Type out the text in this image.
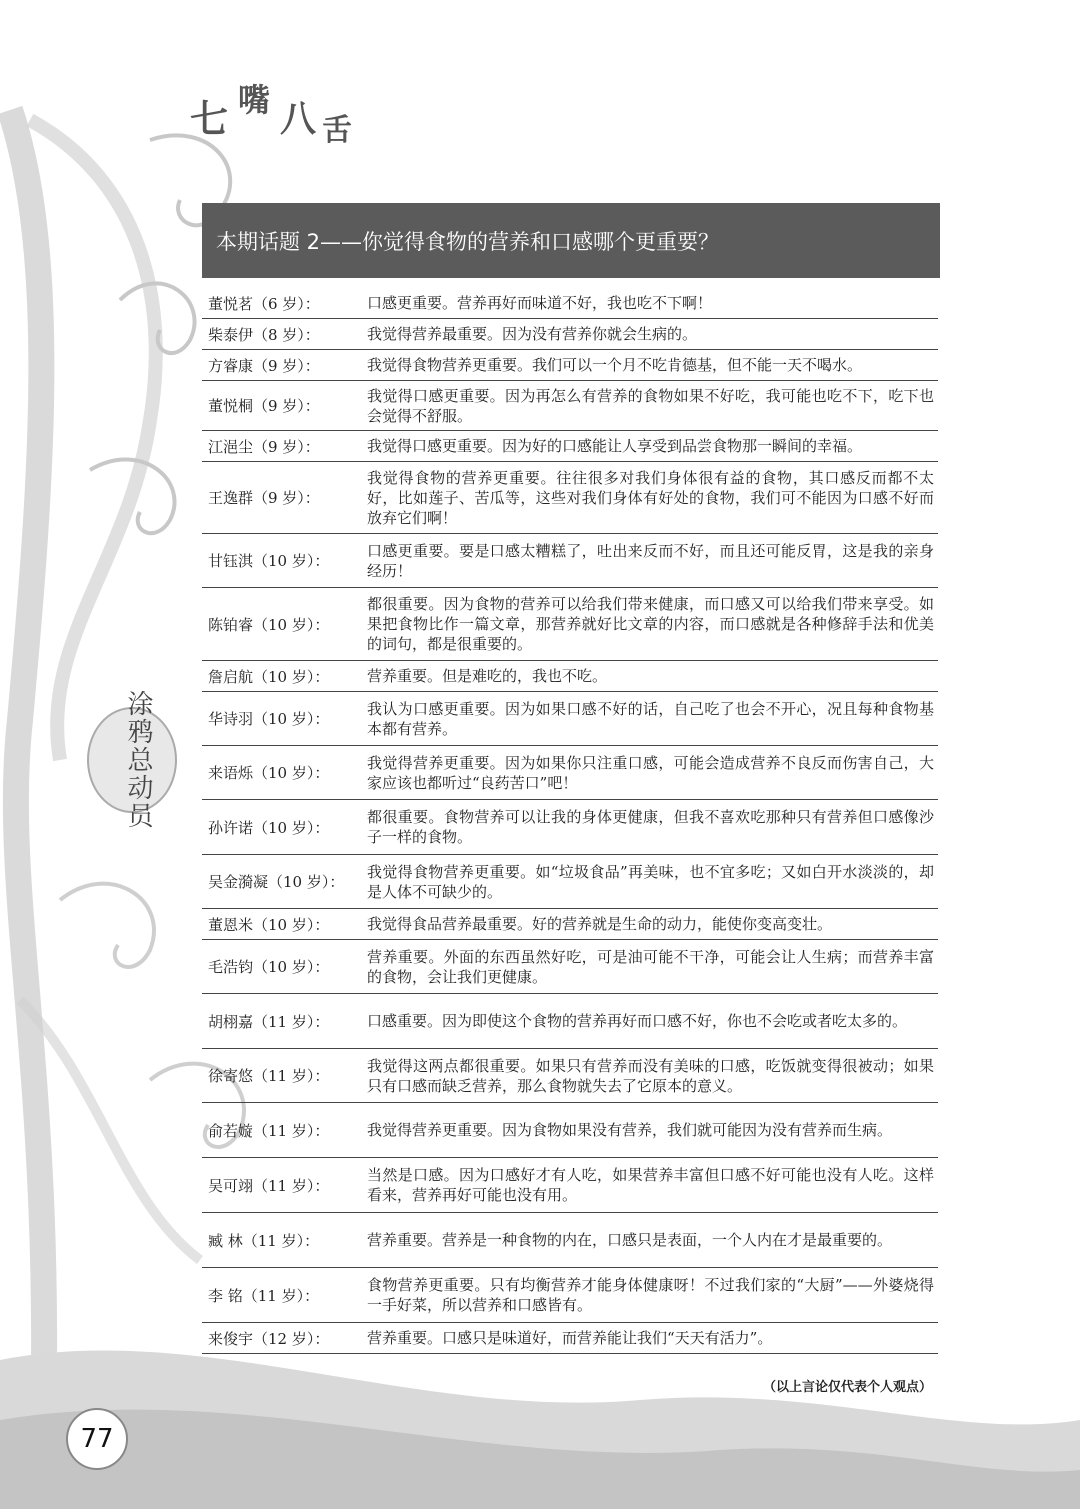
七 嘴 八 舌
本期话题 2——你觉得食物的营养和口感哪个更重要？
涂鸦总动员
董悦茗（6 岁）：	口感更重要。营养再好而味道不好，我也吃不下啊！
柴泰伊（8 岁）：	我觉得营养最重要。因为没有营养你就会生病的。
方睿康（9 岁）：	我觉得食物营养更重要。我们可以一个月不吃肯德基，但不能一天不喝水。
董悦桐（9 岁）：
我觉得口感更重要。因为再怎么有营养的食物如果不好吃，我可能也吃不下，吃下也会觉得不舒服。
江浥尘（9 岁）：	我觉得口感更重要。因为好的口感能让人享受到品尝食物那一瞬间的幸福。
王逸群（9 岁）：
我觉得食物的营养更重要。往往很多对我们身体很有益的食物，其口感反而都不太好，比如莲子、苦瓜等，这些对我们身体有好处的食物，我们可不能因为口感不好而放弃它们啊！
甘钰淇（10 岁）：
口感更重要。要是口感太糟糕了，吐出来反而不好，而且还可能反胃，这是我的亲身经历！
陈铂睿（10 岁）：
都很重要。因为食物的营养可以给我们带来健康，而口感又可以给我们带来享受。如果把食物比作一篇文章，那营养就好比文章的内容，而口感就是各种修辞手法和优美的词句，都是很重要的。
詹启航（10 岁）：	营养重要。但是难吃的，我也不吃。
华诗羽（10 岁）：
我认为口感更重要。因为如果口感不好的话，自己吃了也会不开心，况且每种食物基本都有营养。
来语烁（10 岁）：
我觉得营养更重要。因为如果你只注重口感，可能会造成营养不良反而伤害自己，大家应该也都听过“良药苦口”吧！
孙许诺（10 岁）：
都很重要。食物营养可以让我的身体更健康，但我不喜欢吃那种只有营养但口感像沙子一样的食物。
吴金漪凝（10 岁）：
我觉得食物营养更重要。如“垃圾食品”再美味，也不宜多吃；又如白开水淡淡的，却是人体不可缺少的。
董恩米（10 岁）：	我觉得食品营养最重要。好的营养就是生命的动力，能使你变高变壮。
毛浩钧（10 岁）：
营养重要。外面的东西虽然好吃，可是油可能不干净，可能会让人生病；而营养丰富的食物，会让我们更健康。
胡栩嘉（11 岁）：	口感重要。因为即使这个食物的营养再好而口感不好，你也不会吃或者吃太多的。
徐寄悠（11 岁）：
我觉得这两点都很重要。如果只有营养而没有美味的口感，吃饭就变得很被动；如果只有口感而缺乏营养，那么食物就失去了它原本的意义。
俞若嫙（11 岁）：	我觉得营养更重要。因为食物如果没有营养，我们就可能因为没有营养而生病。
吴可翊（11 岁）：
当然是口感。因为口感好才有人吃，如果营养丰富但口感不好可能也没有人吃。这样看来，营养再好可能也没有用。
臧 林（11 岁）：	营养重要。营养是一种食物的内在，口感只是表面，一个人内在才是最重要的。
李 铭（11 岁）：
食物营养更重要。只有均衡营养才能身体健康呀！不过我们家的“大厨”——外婆烧得一手好菜，所以营养和口感皆有。
来俊宇（12 岁）：	营养重要。口感只是味道好，而营养能让我们“天天有活力”。
（以上言论仅代表个人观点）
77
